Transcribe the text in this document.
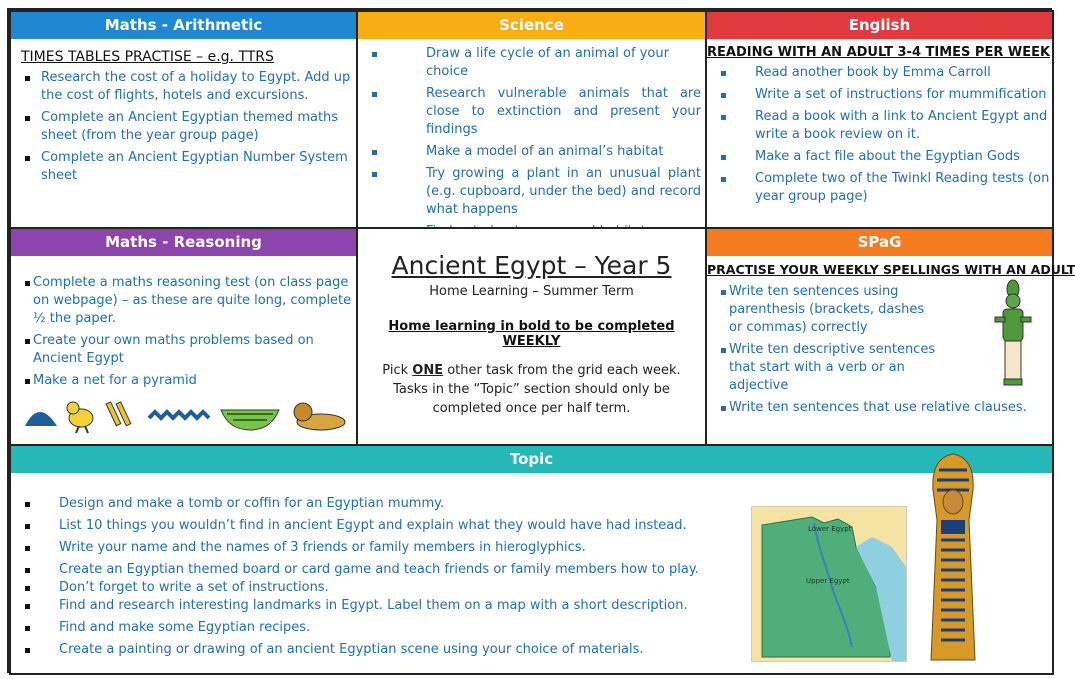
Maths - Arithmetic
TIMES TABLES PRACTISE – e.g. TTRS
Research the cost of a holiday to Egypt. Add up the cost of flights, hotels and excursions.
Complete an Ancient Egyptian themed maths sheet (from the year group page)
Complete an Ancient Egyptian Number System sheet
Science
Draw a life cycle of an animal of your choice
Research vulnerable animals that are close to extinction and present your findings
Make a model of an animal’s habitat
Try growing a plant in an unusual plant (e.g. cupboard, under the bed) and record what happens
English
READING WITH AN ADULT 3-4 TIMES PER WEEK
Read another book by Emma Carroll
Write a set of instructions for mummification
Read a book with a link to Ancient Egypt and write a book review on it.
Make a fact file about the Egyptian Gods
Complete two of the Twinkl Reading tests (on year group page)
Maths - Reasoning
Complete a maths reasoning test (on class page on webpage) – as these are quite long, complete ½ the paper.
Create your own maths problems based on Ancient Egypt
Make a net for a pyramid
Ancient Egypt – Year 5
Home Learning – Summer Term
Home learning in bold to be completed WEEKLY
Pick ONE other task from the grid each week. Tasks in the “Topic” section should only be completed once per half term.
SPaG
PRACTISE YOUR WEEKLY SPELLINGS WITH AN ADULT
Write ten sentences using parenthesis (brackets, dashes or commas) correctly
Write ten descriptive sentences that start with a verb or an adjective
Write ten sentences that use relative clauses.
Topic
Design and make a tomb or coffin for an Egyptian mummy.
List 10 things you wouldn’t find in ancient Egypt and explain what they would have had instead.
Write your name and the names of 3 friends or family members in hieroglyphics.
Create an Egyptian themed board or card game and teach friends or family members how to play.
Don’t forget to write a set of instructions.
Find and research interesting landmarks in Egypt. Label them on a map with a short description.
Find and make some Egyptian recipes.
Create a painting or drawing of an ancient Egyptian scene using your choice of materials.
Lower Egypt
Upper Egypt
